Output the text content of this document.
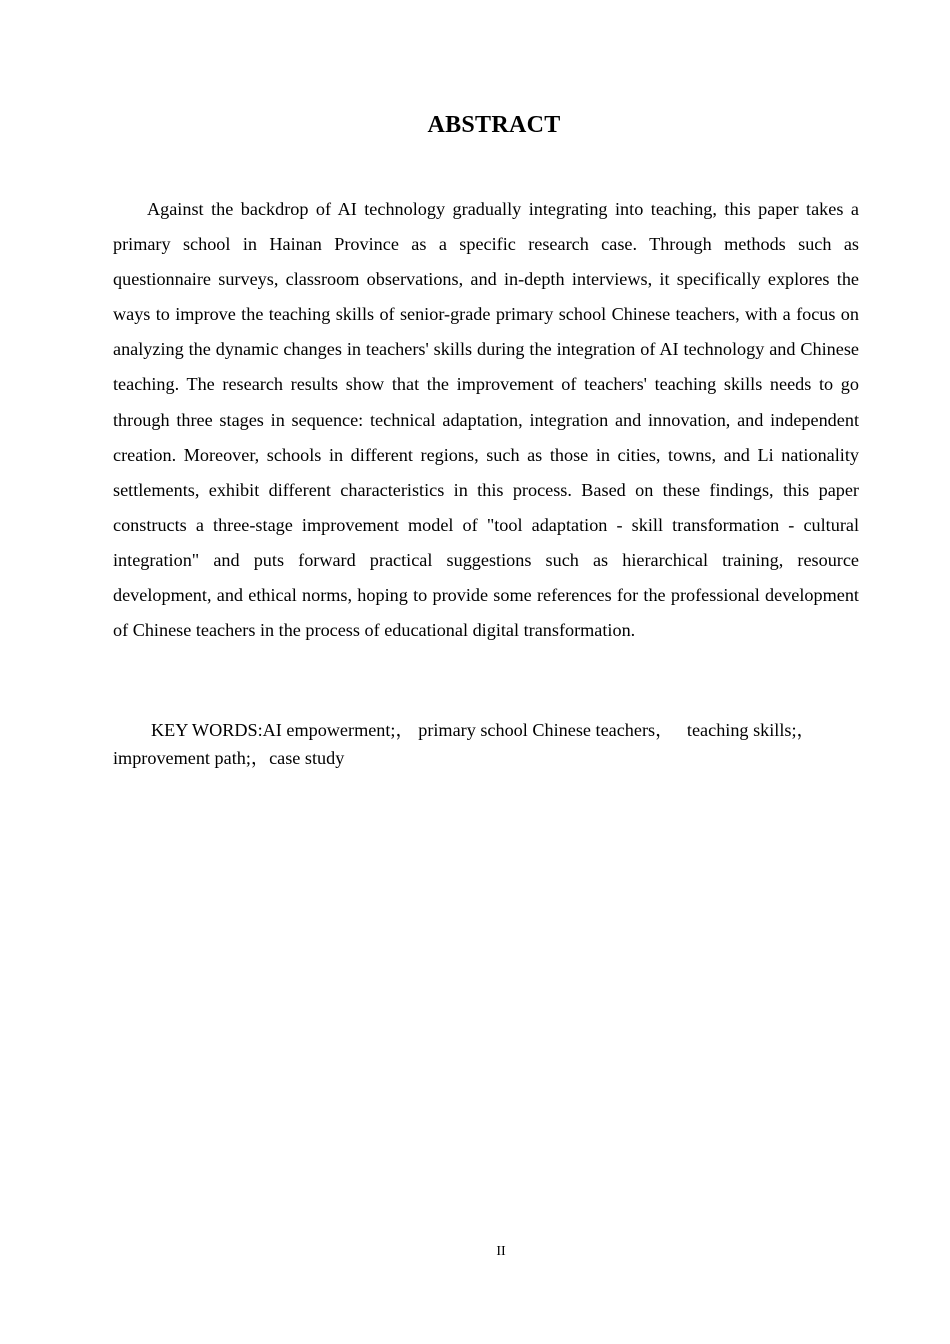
ABSTRACT

Against the backdrop of AI technology gradually integrating into teaching, this paper takes a primary school in Hainan Province as a specific research case. Through methods such as questionnaire surveys, classroom observations, and in-depth interviews, it specifically explores the ways to improve the teaching skills of senior-grade primary school Chinese teachers, with a focus on analyzing the dynamic changes in teachers' skills during the integration of AI technology and Chinese teaching. The research results show that the improvement of teachers' teaching skills needs to go through three stages in sequence: technical adaptation, integration and innovation, and independent creation. Moreover, schools in different regions, such as those in cities, towns, and Li nationality settlements, exhibit different characteristics in this process. Based on these findings, this paper constructs a three-stage improvement model of "tool adaptation - skill transformation - cultural integration" and puts forward practical suggestions such as hierarchical training, resource development, and ethical norms, hoping to provide some references for the professional development of Chinese teachers in the process of educational digital transformation.

KEY WORDS:AI empowerment;， primary school Chinese teachers， teaching skills;， improvement path;，case study

II
